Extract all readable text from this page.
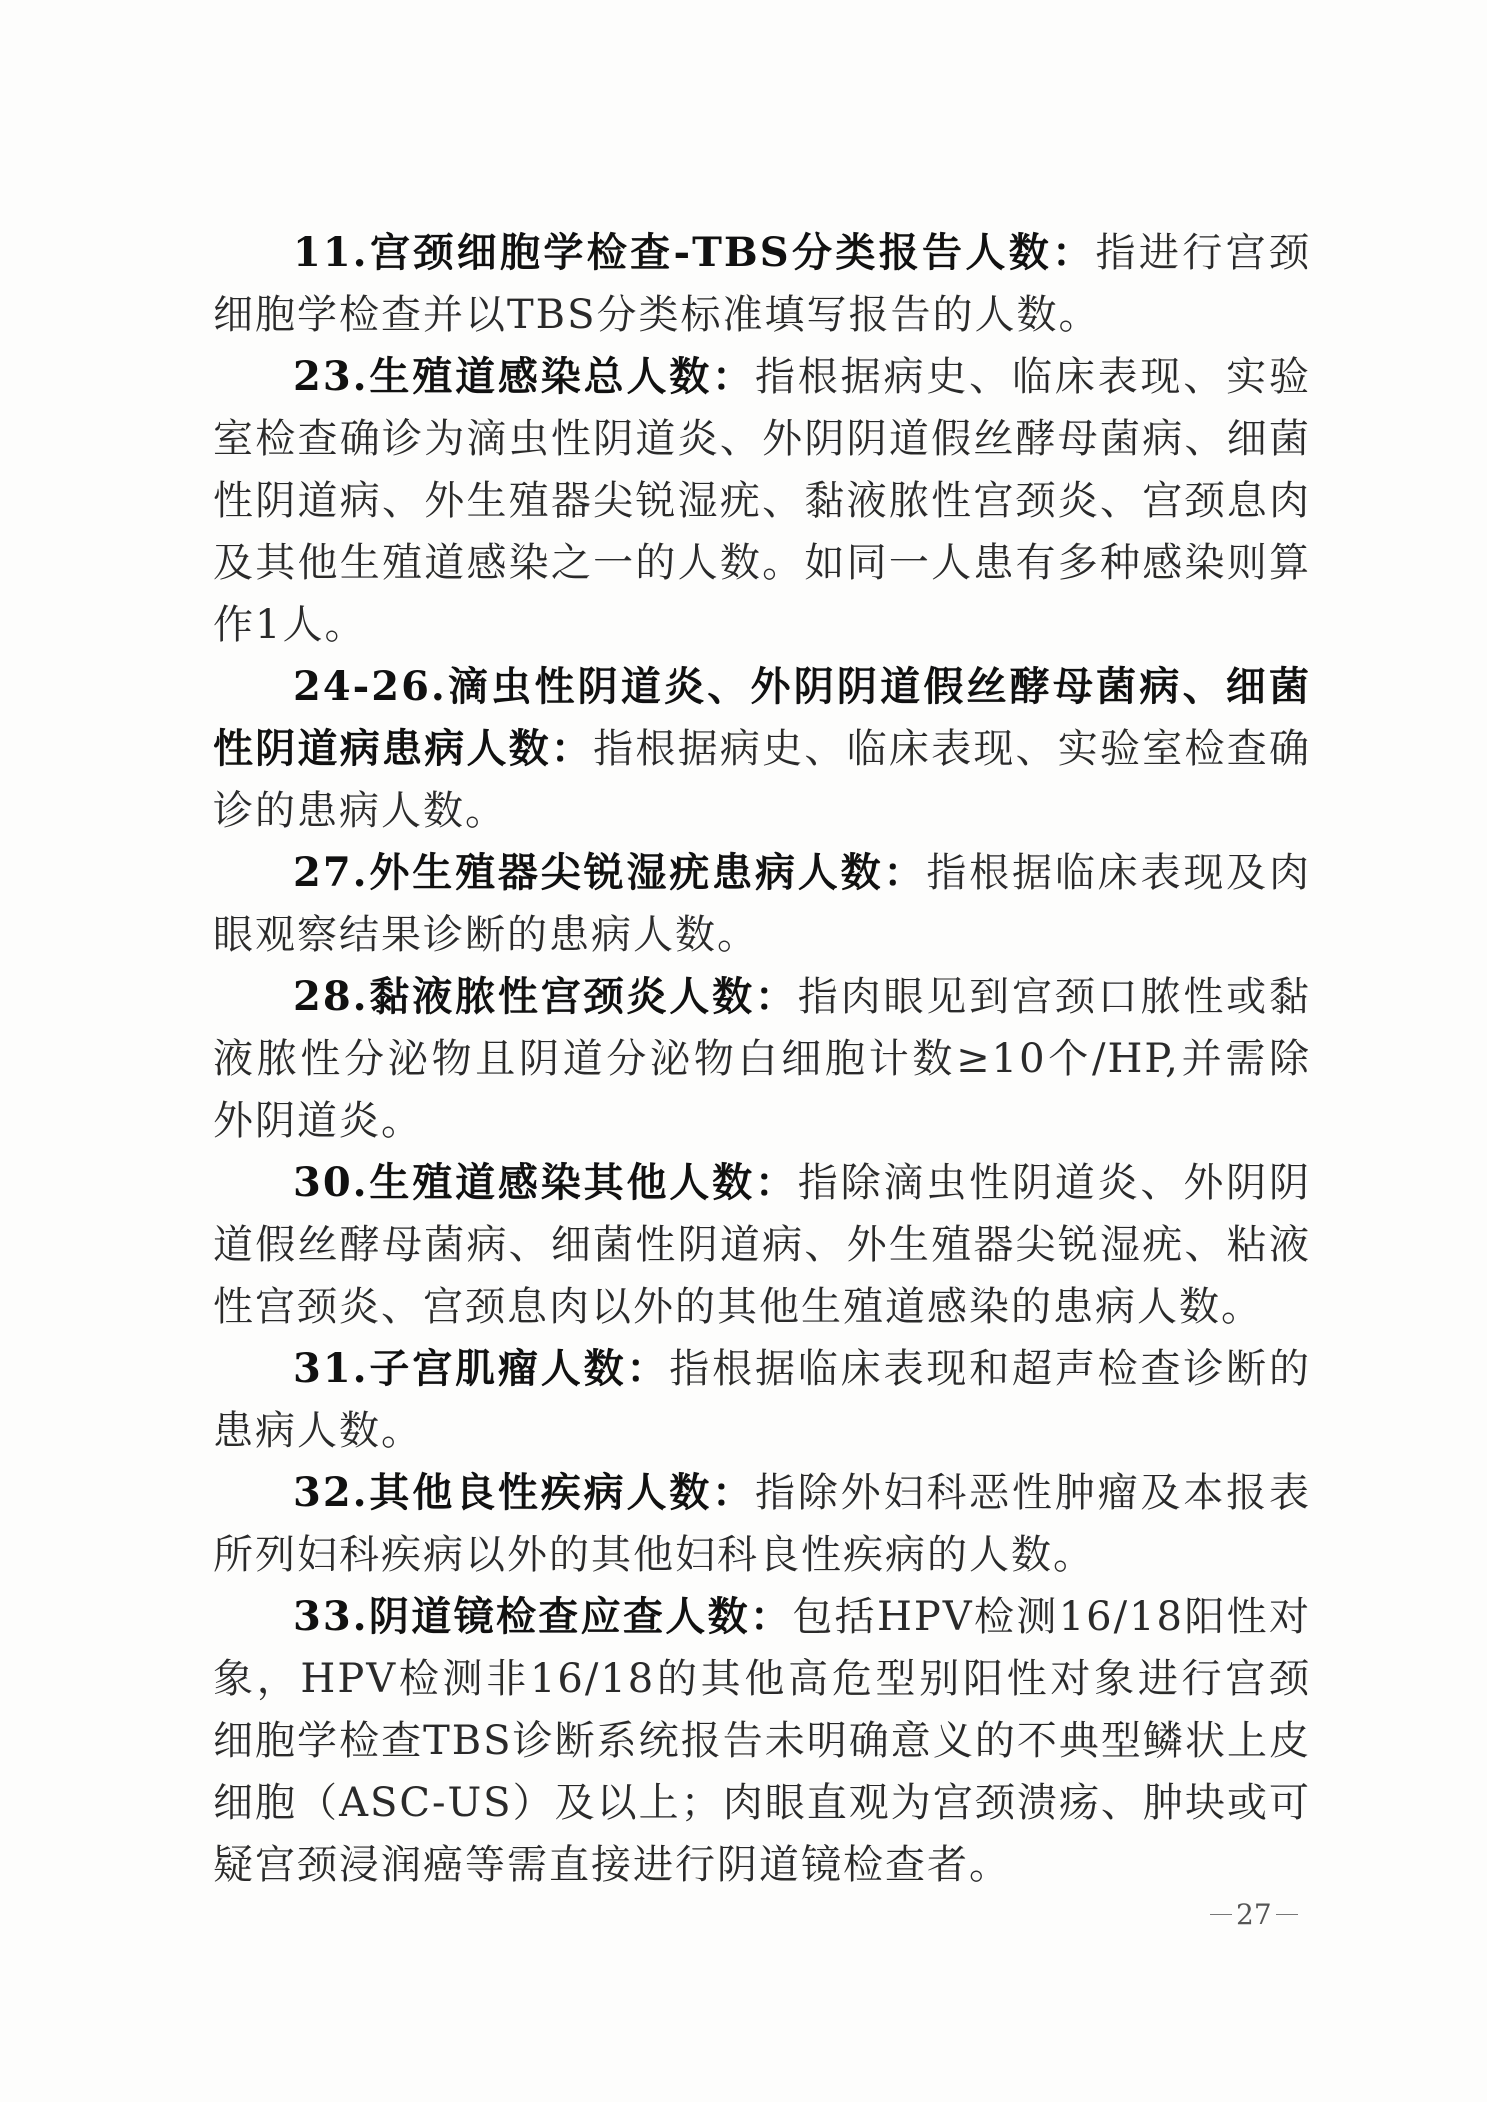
11.宫颈细胞学检查-TBS分类报告人数：指进行宫颈细胞学检查并以TBS分类标准填写报告的人数。

23.生殖道感染总人数：指根据病史、临床表现、实验室检查确诊为滴虫性阴道炎、外阴阴道假丝酵母菌病、细菌性阴道病、外生殖器尖锐湿疣、黏液脓性宫颈炎、宫颈息肉及其他生殖道感染之一的人数。如同一人患有多种感染则算作1人。

24-26.滴虫性阴道炎、外阴阴道假丝酵母菌病、细菌性阴道病患病人数：指根据病史、临床表现、实验室检查确诊的患病人数。

27.外生殖器尖锐湿疣患病人数：指根据临床表现及肉眼观察结果诊断的患病人数。

28.黏液脓性宫颈炎人数：指肉眼见到宫颈口脓性或黏液脓性分泌物且阴道分泌物白细胞计数≥10个/HP,并需除外阴道炎。

30.生殖道感染其他人数：指除滴虫性阴道炎、外阴阴道假丝酵母菌病、细菌性阴道病、外生殖器尖锐湿疣、粘液性宫颈炎、宫颈息肉以外的其他生殖道感染的患病人数。

31.子宫肌瘤人数：指根据临床表现和超声检查诊断的患病人数。

32.其他良性疾病人数：指除外妇科恶性肿瘤及本报表所列妇科疾病以外的其他妇科良性疾病的人数。

33.阴道镜检查应查人数：包括HPV检测16/18阳性对象，HPV检测非16/18的其他高危型别阳性对象进行宫颈细胞学检查TBS诊断系统报告未明确意义的不典型鳞状上皮细胞（ASC-US）及以上；肉眼直观为宫颈溃疡、肿块或可疑宫颈浸润癌等需直接进行阴道镜检查者。

27
